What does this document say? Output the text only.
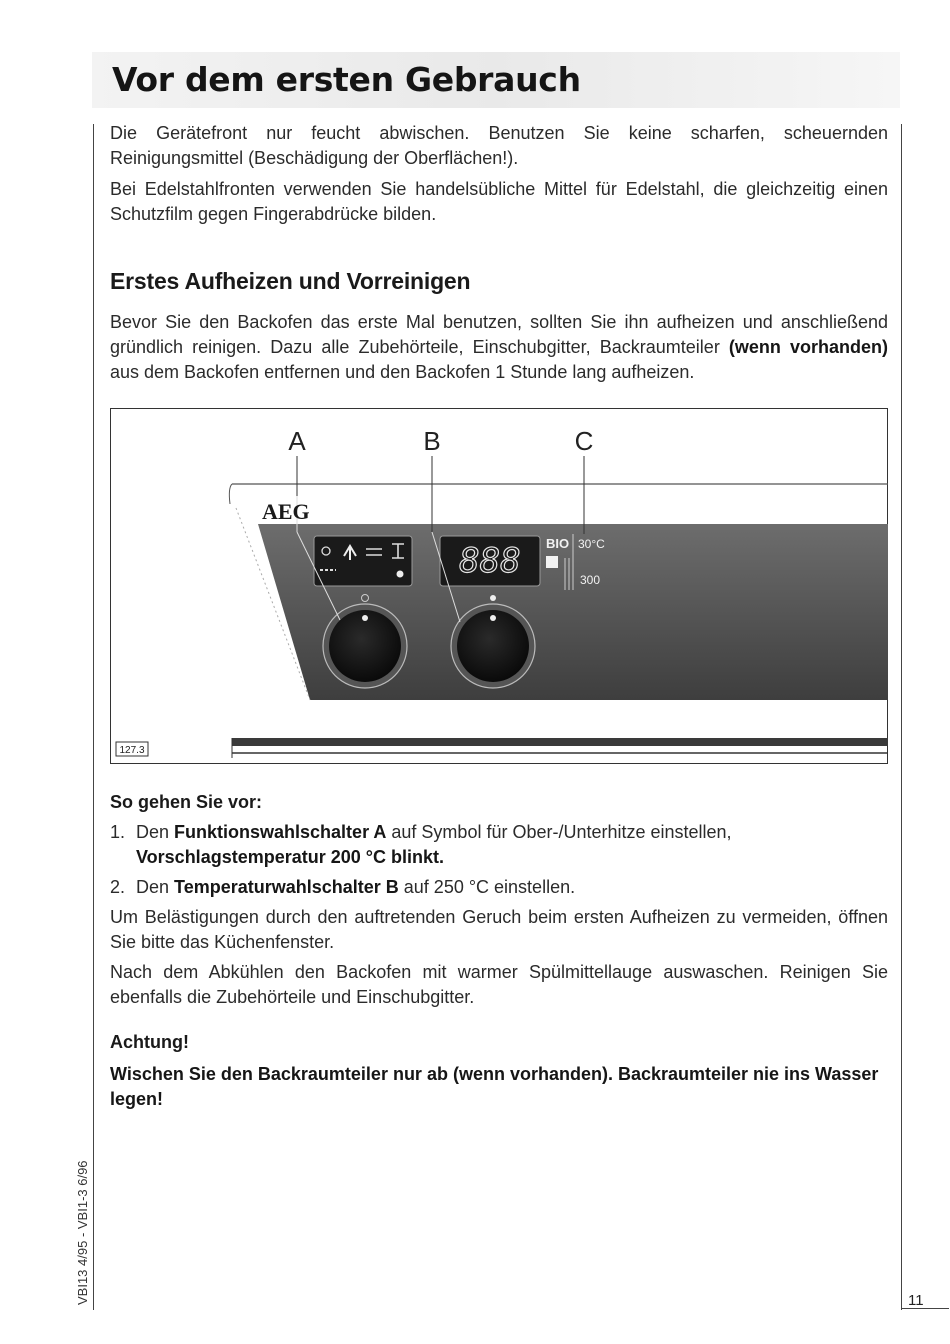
Vor dem ersten Gebrauch

Die Gerätefront nur feucht abwischen. Benutzen Sie keine scharfen, scheuernden Reinigungsmittel (Beschädigung der Oberflächen!).

Bei Edelstahlfronten verwenden Sie handelsübliche Mittel für Edelstahl, die gleichzeitig einen Schutzfilm gegen Fingerabdrücke bilden.

Erstes Aufheizen und Vorreinigen

Bevor Sie den Backofen das erste Mal benutzen, sollten Sie ihn aufheizen und anschließend gründlich reinigen. Dazu alle Zubehörteile, Einschubgitter, Backraumteiler (wenn vorhanden) aus dem Backofen entfernen und den Backofen 1 Stunde lang aufheizen.

888 BIO 30°C
300
A	B	C
AEG
127.3
So gehen Sie vor:
1. Den Funktionswahlschalter A auf Symbol für Ober-/Unterhitze einstellen, Vorschlagstemperatur 200 °C blinkt.
2. Den Temperaturwahlschalter B auf 250 °C einstellen.

Um Belästigungen durch den auftretenden Geruch beim ersten Aufheizen zu vermeiden, öffnen Sie bitte das Küchenfenster.

Nach dem Abkühlen den Backofen mit warmer Spülmittellauge auswaschen. Reinigen Sie ebenfalls die Zubehörteile und Einschubgitter.

Achtung!

Wischen Sie den Backraumteiler nur ab (wenn vorhanden). Backraumteiler nie ins Wasser legen!

VBI13 4/95 - VBI1-3 6/96	11
